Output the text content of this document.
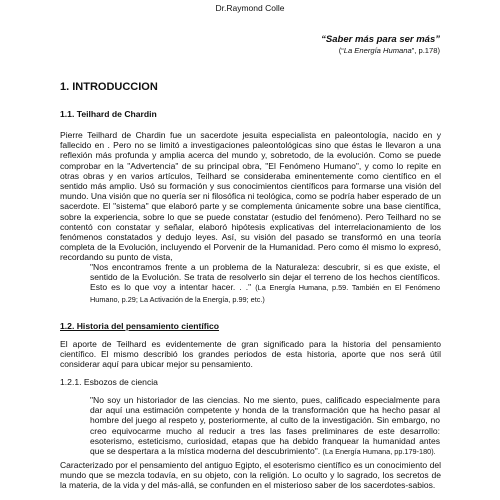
Dr.Raymond Colle
“Saber más para ser más”
(“La Energía Humana”, p.178)
1. INTRODUCCION
1.1. Teilhard de Chardin

Pierre Teilhard de Chardin fue un sacerdote jesuita especialista en paleontología, nacido en y fallecido en . Pero no se limitó a investigaciones paleontológicas sino que éstas le llevaron a una reflexión más profunda y amplia acerca del mundo y, sobretodo, de la evolución. Como se puede comprobar en la "Advertencia" de su principal obra, "El Fenómeno Humano", y como lo repite en otras obras y en varios artículos, Teilhard se consideraba eminentemente como científico en el sentido más amplio. Usó su formación y sus conocimientos científicos para formarse una visión del mundo. Una visión que no quería ser ni filosófica ni teológica, como se podría haber esperado de un sacerdote. El "sistema" que elaboró parte y se complementa únicamente sobre una base científica, sobre la experiencia, sobre lo que se puede constatar (estudio del fenómeno). Pero Teilhard no se contentó con constatar y señalar, elaboró hipótesis explicativas del interrelacionamiento de los fenómenos constatados y dedujo leyes. Así, su visión del pasado se transformó en una teoría completa de la Evolución, incluyendo el Porvenir de la Humanidad. Pero como él mismo lo expresó, recordando su punto de vista,

"Nos encontramos frente a un problema de la Naturaleza: descubrir, si es que existe, el sentido de la Evolución. Se trata de resolverlo sin dejar el terreno de los hechos científicos. Esto es lo que voy a intentar hacer. . ." (La Energía Humana, p.59. También en El Fenómeno Humano, p.29; La Activación de la Energía, p.99; etc.)

1.2. Historia del pensamiento científico

El aporte de Teilhard es evidentemente de gran significado para la historia del pensamiento científico. El mismo describió los grandes periodos de esta historia, aporte que nos será útil considerar aquí para ubicar mejor su pensamiento.

1.2.1. Esbozos de ciencia

"No soy un historiador de las ciencias. No me siento, pues, calificado especialmente para dar aquí una estimación competente y honda de la transformación que ha hecho pasar al hombre del juego al respeto y, posteriormente, al culto de la investigación. Sin embargo, no creo equivocarme mucho al reducir a tres las fases preliminares de este desarrollo: esoterismo, esteticismo, curiosidad, etapas que ha debido franquear la humanidad antes que se despertara a la mística moderna del descubrimiento". (La Energía Humana, pp.179-180).

Caracterizado por el pensamiento del antiguo Egipto, el esoterismo científico es un conocimiento del mundo que se mezcla todavía, en su objeto, con la religión. Lo oculto y lo sagrado, los secretos de la materia, de la vida y del más-allá, se confunden en el misterioso saber de los sacerdotes-sabios.
